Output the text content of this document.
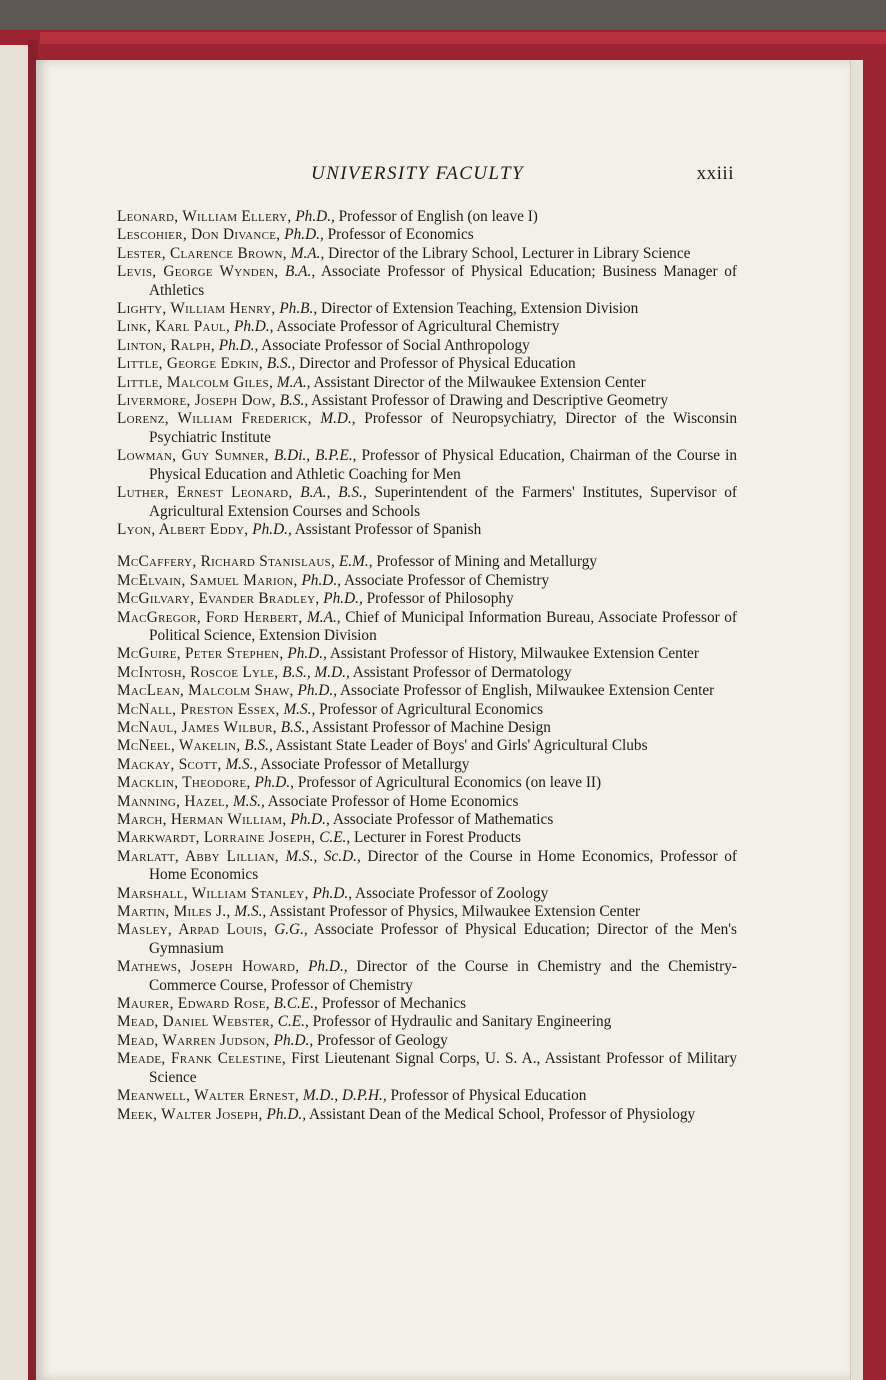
UNIVERSITY FACULTY	xxiii

Leonard, William Ellery, Ph.D., Professor of English (on leave I)

Lescohier, Don Divance, Ph.D., Professor of Economics

Lester, Clarence Brown, M.A., Director of the Library School, Lecturer in Library Science

Levis, George Wynden, B.A., Associate Professor of Physical Education; Business Manager of Athletics

Lighty, William Henry, Ph.B., Director of Extension Teaching, Extension Division

Link, Karl Paul, Ph.D., Associate Professor of Agricultural Chemistry

Linton, Ralph, Ph.D., Associate Professor of Social Anthropology

Little, George Edkin, B.S., Director and Professor of Physical Education

Little, Malcolm Giles, M.A., Assistant Director of the Milwaukee Extension Center

Livermore, Joseph Dow, B.S., Assistant Professor of Drawing and Descriptive Geometry

Lorenz, William Frederick, M.D., Professor of Neuropsychiatry, Director of the Wisconsin Psychiatric Institute

Lowman, Guy Sumner, B.Di., B.P.E., Professor of Physical Education, Chairman of the Course in Physical Education and Athletic Coaching for Men

Luther, Ernest Leonard, B.A., B.S., Superintendent of the Farmers' Institutes, Supervisor of Agricultural Extension Courses and Schools

Lyon, Albert Eddy, Ph.D., Assistant Professor of Spanish

McCaffery, Richard Stanislaus, E.M., Professor of Mining and Metallurgy

McElvain, Samuel Marion, Ph.D., Associate Professor of Chemistry

McGilvary, Evander Bradley, Ph.D., Professor of Philosophy

MacGregor, Ford Herbert, M.A., Chief of Municipal Information Bureau, Associate Professor of Political Science, Extension Division

McGuire, Peter Stephen, Ph.D., Assistant Professor of History, Milwaukee Extension Center

McIntosh, Roscoe Lyle, B.S., M.D., Assistant Professor of Dermatology

MacLean, Malcolm Shaw, Ph.D., Associate Professor of English, Milwaukee Extension Center

McNall, Preston Essex, M.S., Professor of Agricultural Economics

McNaul, James Wilbur, B.S., Assistant Professor of Machine Design

McNeel, Wakelin, B.S., Assistant State Leader of Boys' and Girls' Agricultural Clubs

Mackay, Scott, M.S., Associate Professor of Metallurgy

Macklin, Theodore, Ph.D., Professor of Agricultural Economics (on leave II)

Manning, Hazel, M.S., Associate Professor of Home Economics

March, Herman William, Ph.D., Associate Professor of Mathematics

Markwardt, Lorraine Joseph, C.E., Lecturer in Forest Products

Marlatt, Abby Lillian, M.S., Sc.D., Director of the Course in Home Economics, Professor of Home Economics

Marshall, William Stanley, Ph.D., Associate Professor of Zoology

Martin, Miles J., M.S., Assistant Professor of Physics, Milwaukee Extension Center

Masley, Arpad Louis, G.G., Associate Professor of Physical Education; Director of the Men's Gymnasium

Mathews, Joseph Howard, Ph.D., Director of the Course in Chemistry and the Chemistry-Commerce Course, Professor of Chemistry

Maurer, Edward Rose, B.C.E., Professor of Mechanics

Mead, Daniel Webster, C.E., Professor of Hydraulic and Sanitary Engineering

Mead, Warren Judson, Ph.D., Professor of Geology

Meade, Frank Celestine, First Lieutenant Signal Corps, U. S. A., Assistant Professor of Military Science

Meanwell, Walter Ernest, M.D., D.P.H., Professor of Physical Education

Meek, Walter Joseph, Ph.D., Assistant Dean of the Medical School, Professor of Physiology
